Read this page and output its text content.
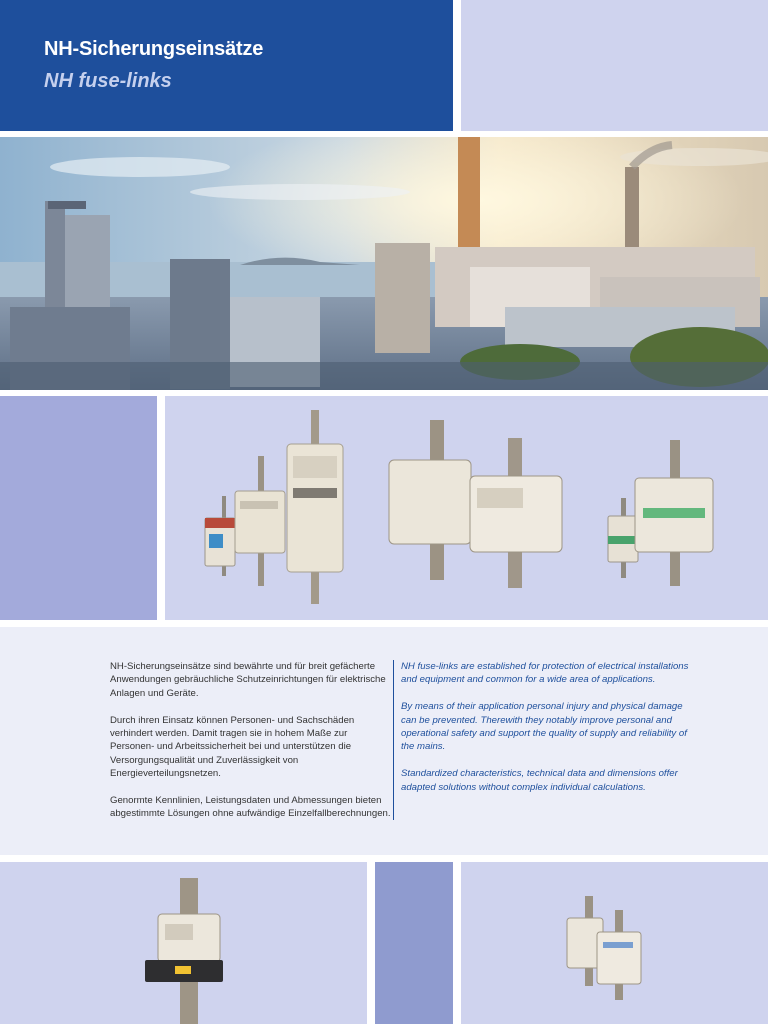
NH-Sicherungseinsätze
NH fuse-links

NH-Sicherungseinsätze sind bewährte und für breit gefächerte Anwendungen gebräuchliche Schutzeinrichtungen für elektrische Anlagen und Geräte.

Durch ihren Einsatz können Personen- und Sachschäden verhindert werden. Damit tragen sie in hohem Maße zur Personen- und Arbeitssicherheit bei und unterstützen die Versorgungsqualität und Zuverlässigkeit von Energieverteilungsnetzen.

Genormte Kennlinien, Leistungsdaten und Abmessungen bieten abgestimmte Lösungen ohne aufwändige Einzelfallberechnungen.

NH fuse-links are established for protection of electrical installations and equipment and common for a wide area of applications.

By means of their application personal injury and physical damage can be prevented. Therewith they notably improve personal and operational safety and support the quality of supply and reliability of the mains.

Standardized characteristics, technical data and dimensions offer adapted solutions without complex individual calculations.
